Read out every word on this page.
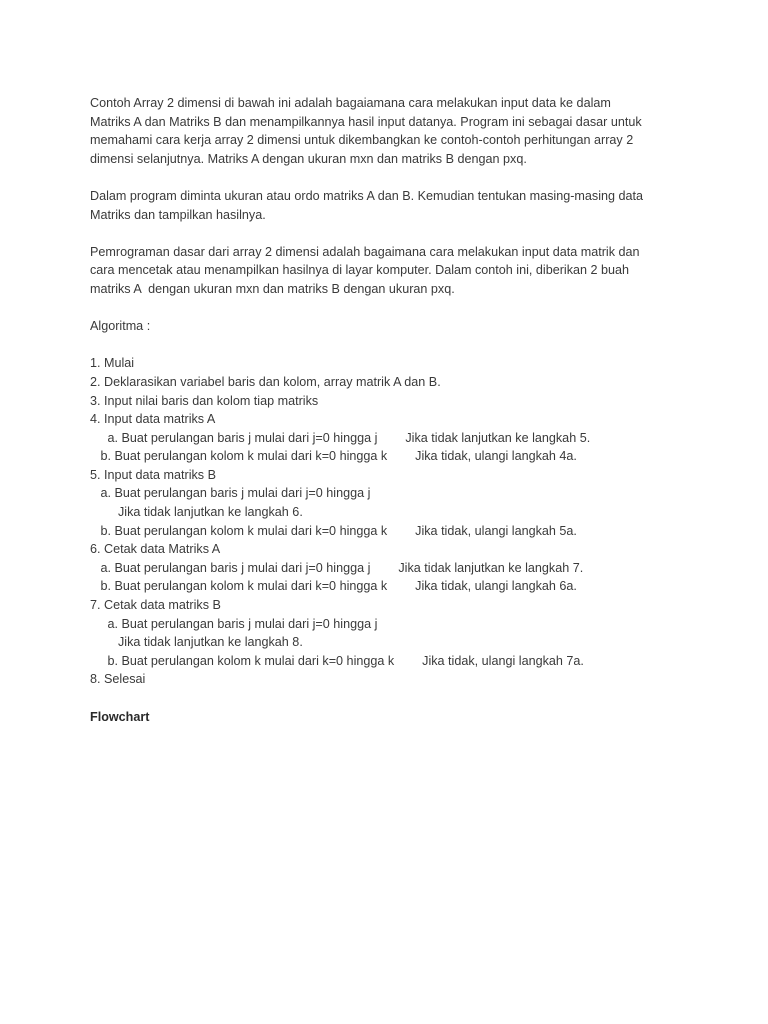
Contoh Array 2 dimensi di bawah ini adalah bagaiamana cara melakukan input data ke dalam
Matriks A dan Matriks B dan menampilkannya hasil input datanya. Program ini sebagai dasar untuk
memahami cara kerja array 2 dimensi untuk dikembangkan ke contoh-contoh perhitungan array 2
dimensi selanjutnya. Matriks A dengan ukuran mxn dan matriks B dengan pxq.
Dalam program diminta ukuran atau ordo matriks A dan B. Kemudian tentukan masing-masing data
Matriks dan tampilkan hasilnya.
Pemrograman dasar dari array 2 dimensi adalah bagaimana cara melakukan input data matrik dan
cara mencetak atau menampilkan hasilnya di layar komputer. Dalam contoh ini, diberikan 2 buah
matriks A  dengan ukuran mxn dan matriks B dengan ukuran pxq.
Algoritma :
1. Mulai
2. Deklarasikan variabel baris dan kolom, array matrik A dan B.
3. Input nilai baris dan kolom tiap matriks
4. Input data matriks A
a. Buat perulangan baris j mulai dari j=0 hingga j        Jika tidak lanjutkan ke langkah 5.
b. Buat perulangan kolom k mulai dari k=0 hingga k        Jika tidak, ulangi langkah 4a.
5. Input data matriks B
a. Buat perulangan baris j mulai dari j=0 hingga j
Jika tidak lanjutkan ke langkah 6.
b. Buat perulangan kolom k mulai dari k=0 hingga k        Jika tidak, ulangi langkah 5a.
6. Cetak data Matriks A
a. Buat perulangan baris j mulai dari j=0 hingga j        Jika tidak lanjutkan ke langkah 7.
b. Buat perulangan kolom k mulai dari k=0 hingga k        Jika tidak, ulangi langkah 6a.
7. Cetak data matriks B
a. Buat perulangan baris j mulai dari j=0 hingga j
Jika tidak lanjutkan ke langkah 8.
b. Buat perulangan kolom k mulai dari k=0 hingga k        Jika tidak, ulangi langkah 7a.
8. Selesai
Flowchart
